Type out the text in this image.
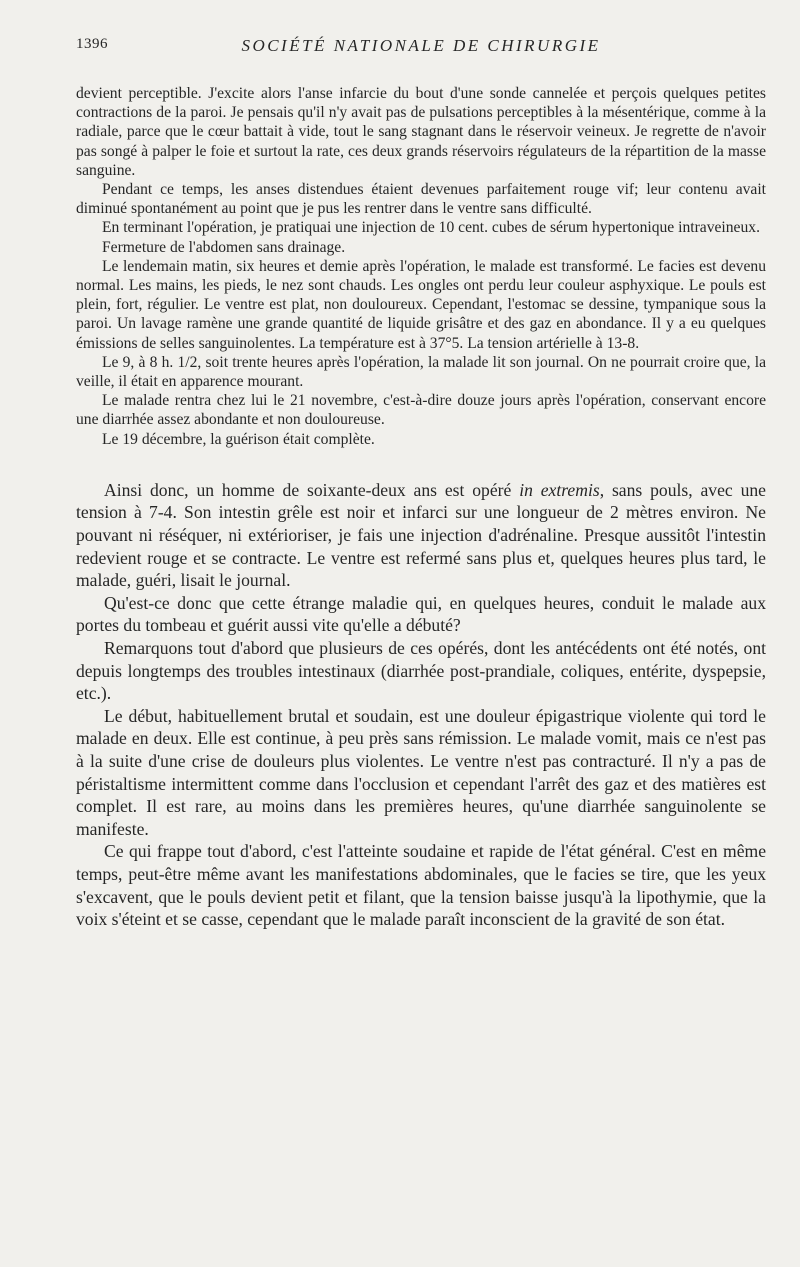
1396	SOCIÉTÉ NATIONALE DE CHIRURGIE

devient perceptible. J'excite alors l'anse infarcie du bout d'une sonde cannelée et perçois quelques petites contractions de la paroi. Je pensais qu'il n'y avait pas de pulsations perceptibles à la mésentérique, comme à la radiale, parce que le cœur battait à vide, tout le sang stagnant dans le réservoir veineux. Je regrette de n'avoir pas songé à palper le foie et surtout la rate, ces deux grands réservoirs régulateurs de la répartition de la masse sanguine.

Pendant ce temps, les anses distendues étaient devenues parfaitement rouge vif; leur contenu avait diminué spontanément au point que je pus les rentrer dans le ventre sans difficulté.

En terminant l'opération, je pratiquai une injection de 10 cent. cubes de sérum hypertonique intraveineux.

Fermeture de l'abdomen sans drainage.

Le lendemain matin, six heures et demie après l'opération, le malade est transformé. Le facies est devenu normal. Les mains, les pieds, le nez sont chauds. Les ongles ont perdu leur couleur asphyxique. Le pouls est plein, fort, régulier. Le ventre est plat, non douloureux. Cependant, l'estomac se dessine, tympanique sous la paroi. Un lavage ramène une grande quantité de liquide grisâtre et des gaz en abondance. Il y a eu quelques émissions de selles sanguinolentes. La température est à 37°5. La tension artérielle à 13-8.

Le 9, à 8 h. 1/2, soit trente heures après l'opération, la malade lit son journal. On ne pourrait croire que, la veille, il était en apparence mourant.

Le malade rentra chez lui le 21 novembre, c'est-à-dire douze jours après l'opération, conservant encore une diarrhée assez abondante et non douloureuse.

Le 19 décembre, la guérison était complète.

Ainsi donc, un homme de soixante-deux ans est opéré in extremis, sans pouls, avec une tension à 7-4. Son intestin grêle est noir et infarci sur une longueur de 2 mètres environ. Ne pouvant ni réséquer, ni extérioriser, je fais une injection d'adrénaline. Presque aussitôt l'intestin redevient rouge et se contracte. Le ventre est refermé sans plus et, quelques heures plus tard, le malade, guéri, lisait le journal.

Qu'est-ce donc que cette étrange maladie qui, en quelques heures, conduit le malade aux portes du tombeau et guérit aussi vite qu'elle a débuté?

Remarquons tout d'abord que plusieurs de ces opérés, dont les antécédents ont été notés, ont depuis longtemps des troubles intestinaux (diarrhée post-prandiale, coliques, entérite, dyspepsie, etc.).

Le début, habituellement brutal et soudain, est une douleur épigastrique violente qui tord le malade en deux. Elle est continue, à peu près sans rémission. Le malade vomit, mais ce n'est pas à la suite d'une crise de douleurs plus violentes. Le ventre n'est pas contracturé. Il n'y a pas de péristaltisme intermittent comme dans l'occlusion et cependant l'arrêt des gaz et des matières est complet. Il est rare, au moins dans les premières heures, qu'une diarrhée sanguinolente se manifeste.

Ce qui frappe tout d'abord, c'est l'atteinte soudaine et rapide de l'état général. C'est en même temps, peut-être même avant les manifestations abdominales, que le facies se tire, que les yeux s'excavent, que le pouls devient petit et filant, que la tension baisse jusqu'à la lipothymie, que la voix s'éteint et se casse, cependant que le malade paraît inconscient de la gravité de son état.
